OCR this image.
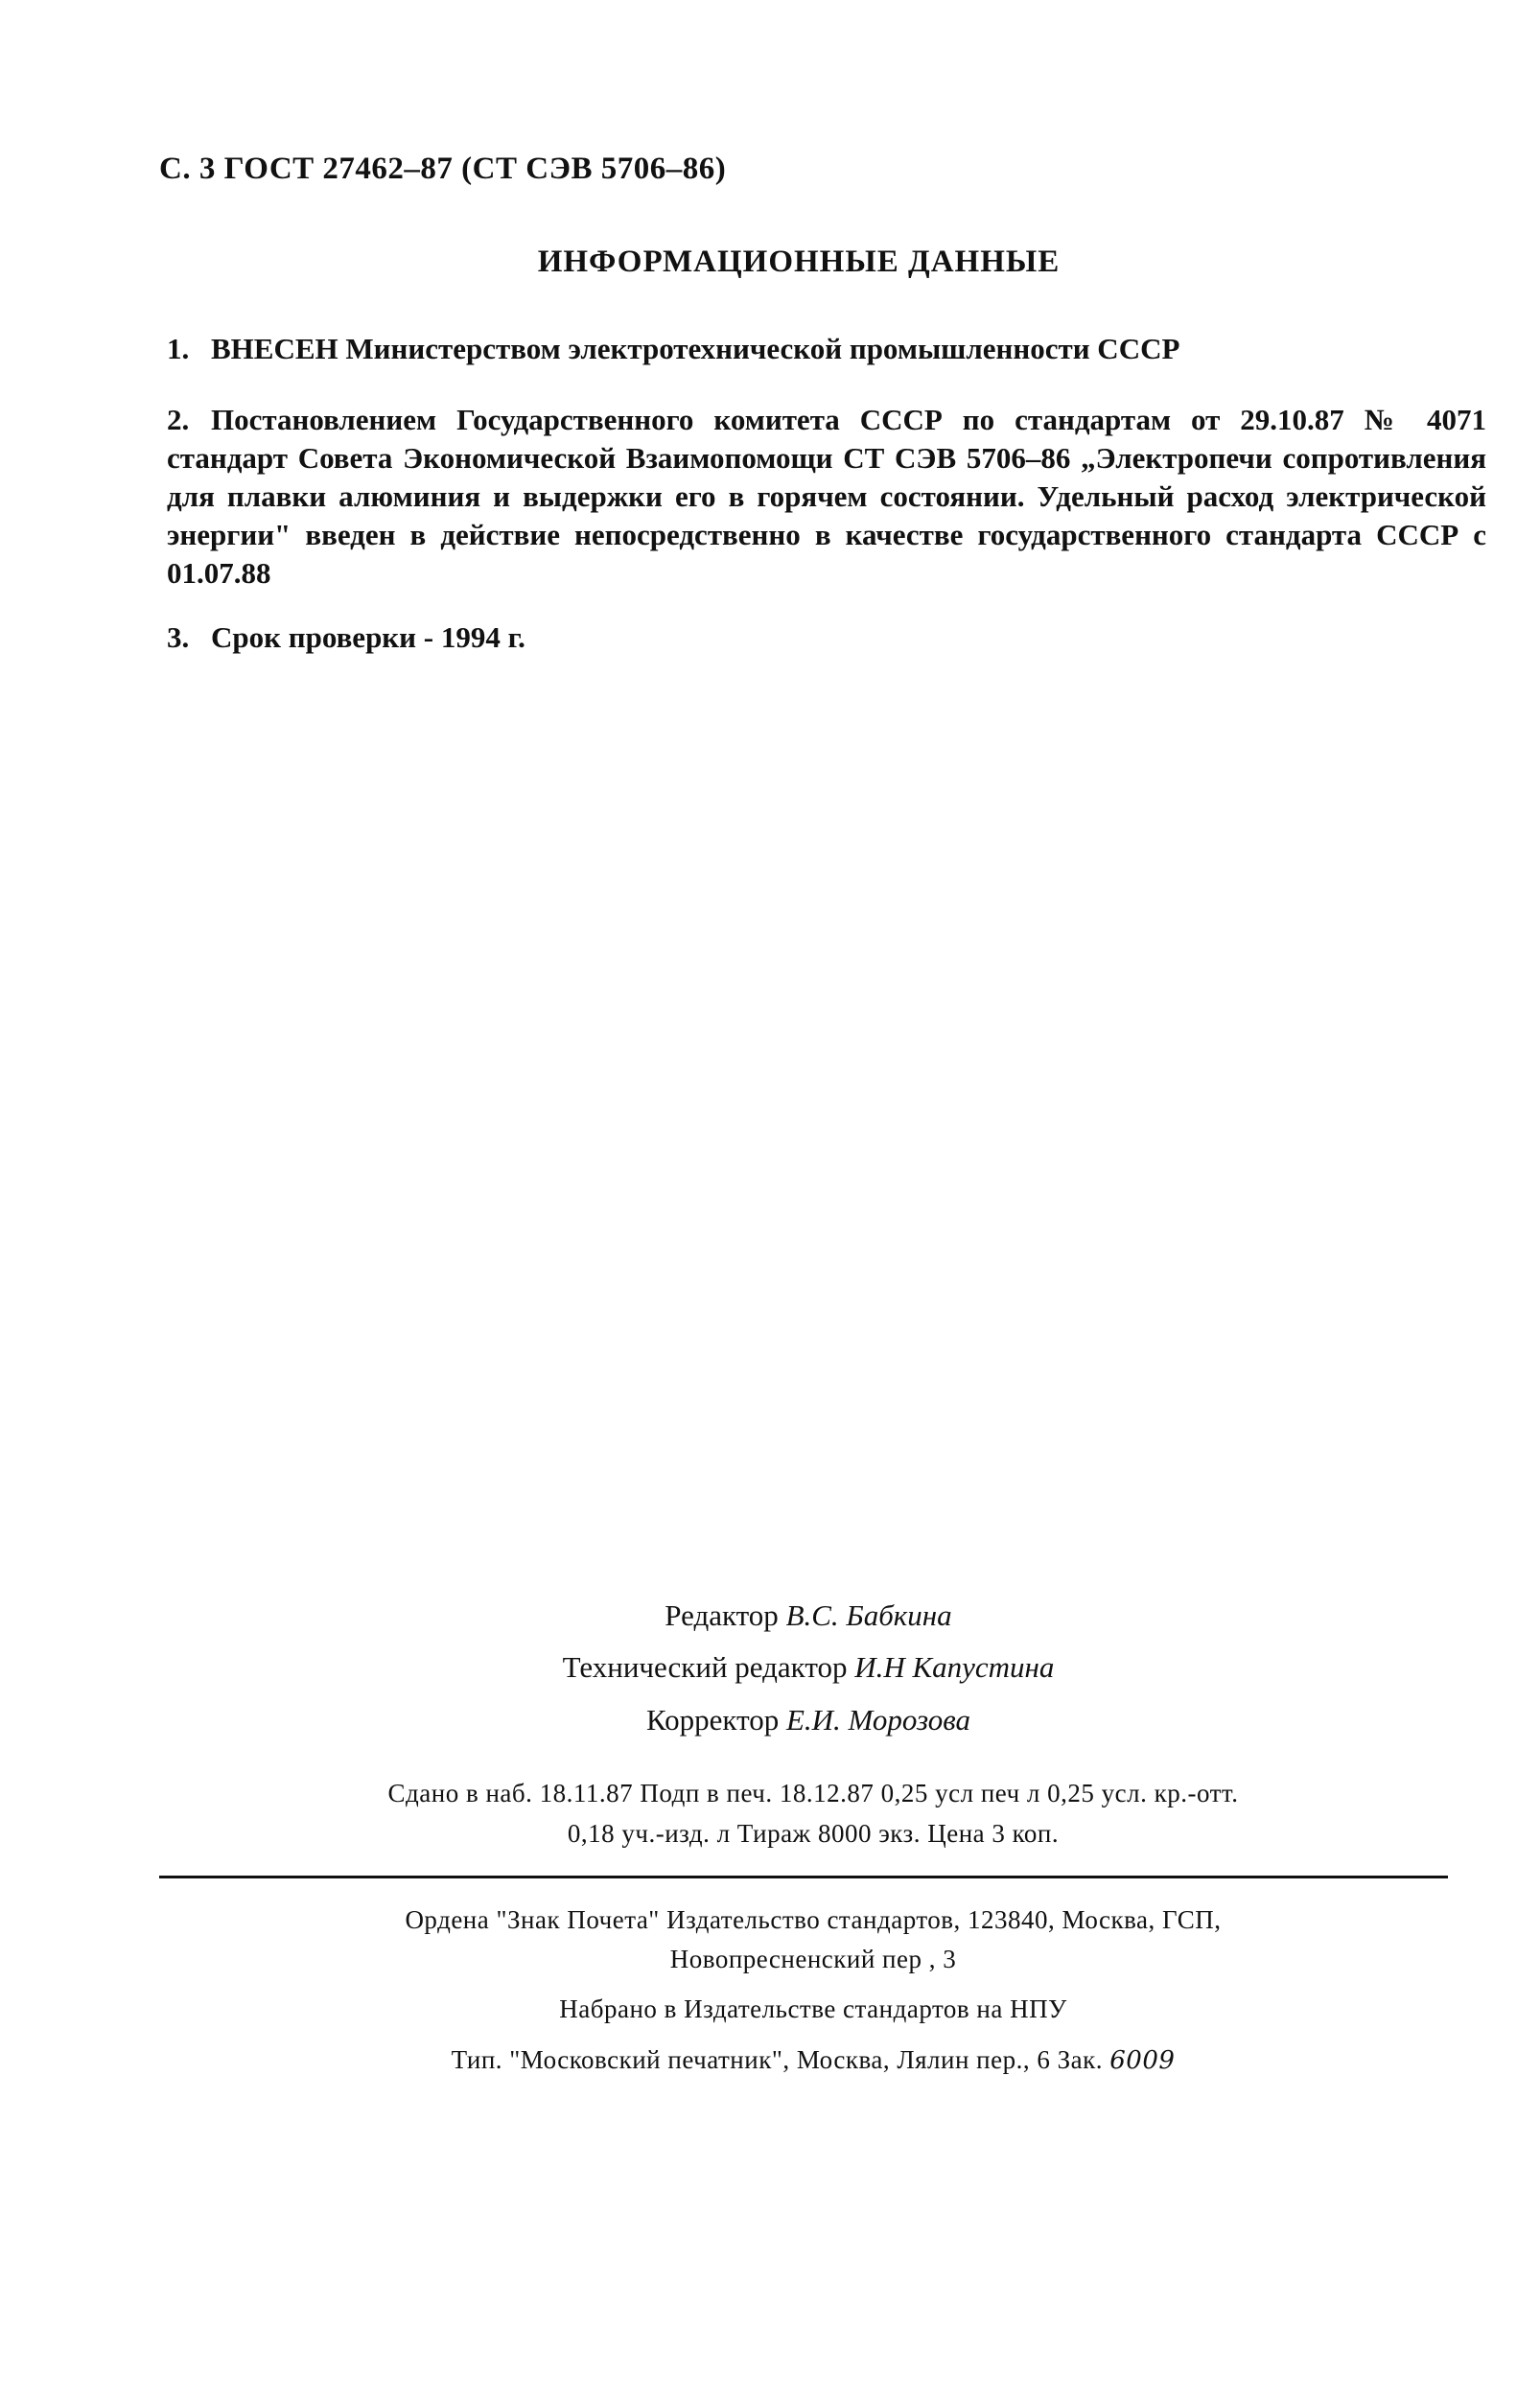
С. 3 ГОСТ 27462–87 (СТ СЭВ 5706–86)
ИНФОРМАЦИОННЫЕ ДАННЫЕ
1. ВНЕСЕН Министерством электротехнической промышленности СССР
2. Постановлением Государственного комитета СССР по стандартам от 29.10.87 № 4071 стандарт Совета Экономической Взаимопомощи СТ СЭВ 5706–86 „Электропечи сопротивления для плавки алюминия и выдержки его в горячем состоянии. Удельный расход электрической энергии" введен в действие непосредственно в качестве государственного стандарта СССР с 01.07.88
3. Срок проверки - 1994 г.
Редактор В.С. Бабкина
Технический редактор И.Н Капустина
Корректор Е.И. Морозова
Сдано в наб. 18.11.87 Подп в печ. 18.12.87 0,25 усл печ л 0,25 усл. кр.-отт.
0,18 уч.-изд. л Тираж 8000 экз. Цена 3 коп.
Ордена "Знак Почета" Издательство стандартов, 123840, Москва, ГСП,
Новопресненский пер , 3
Набрано в Издательстве стандартов на НПУ
Тип. "Московский печатник", Москва, Лялин пер., 6 Зак. 6009
